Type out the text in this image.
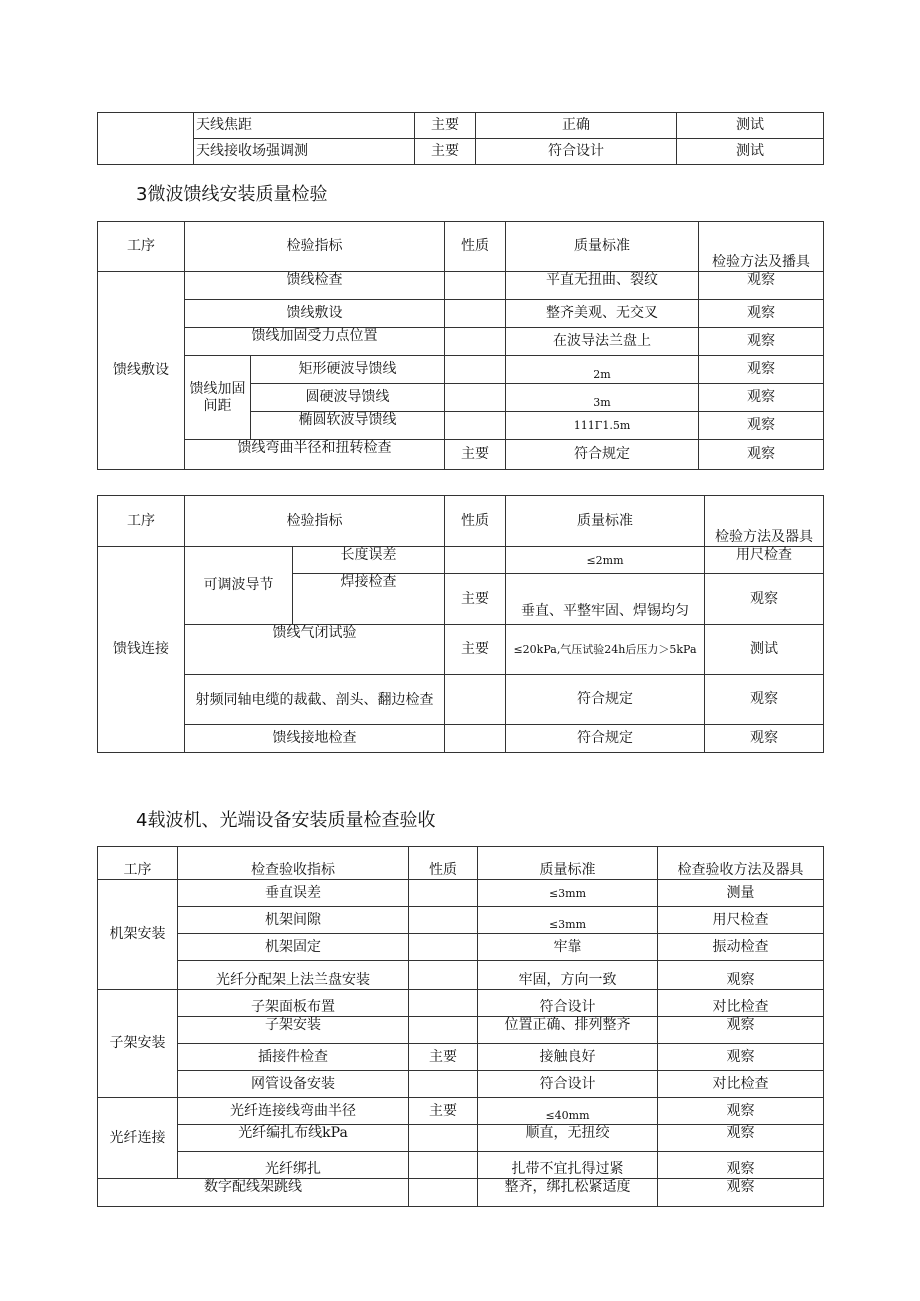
	天线焦距	主要	正确	测试
	天线接收场强调测	主要	符合设计	测试
3微波馈线安装质量检验
工序	检验指标		性质	质量标准	检验方法及播具
馈线敷设	馈线检查			平直无扭曲、裂纹	观察
	馈线敷设			整齐美观、无交叉	观察
	馈线加固受力点位置			在波导法兰盘上	观察
	馈线加固间距	矩形硬波导馈线		2m	观察
		圆硬波导馈线		3m	观察
		椭圆软波导馈线		111Γ1.5m	观察
	馈线弯曲半径和扭转检查		主要	符合规定	观察
工序	检验指标		性质	质量标准	检验方法及器具
馈钱连接	可调波导节	长度误差		≤2mm	用尺检查
		焊接检查	主要	垂直、平整牢固、焊锡均匀	观察
	馈线气闭试验		主要	≤20kPa,气压试验24h后压力＞5kPa	测试
	射频同轴电缆的裁截、剖头、翻边检查			符合规定	观察
	馈线接地检查			符合规定	观察
4载波机、光端设备安装质量检查验收
工序	检查验收指标	性质	质量标准	检查验收方法及器具
机架安装	垂直误差		≤3mm	测量
	机架间隙		≤3mm	用尺检查
	机架固定		牢靠	振动检查
	光纤分配架上法兰盘安装		牢固，方向一致	观察
子架安装	子架面板布置		符合设计	对比检查
	子架安装		位置正确、排列整齐	观察
	插接件检查	主要	接触良好	观察
	网管设备安装		符合设计	对比检查
光纤连接	光纤连接线弯曲半径	主要	≤40mm	观察
	光纤编扎布线kPa		顺直，无扭绞	观察
	光纤绑扎		扎带不宜扎得过紧	观察
数字配线架跳线			整齐，绑扎松紧适度	观察
